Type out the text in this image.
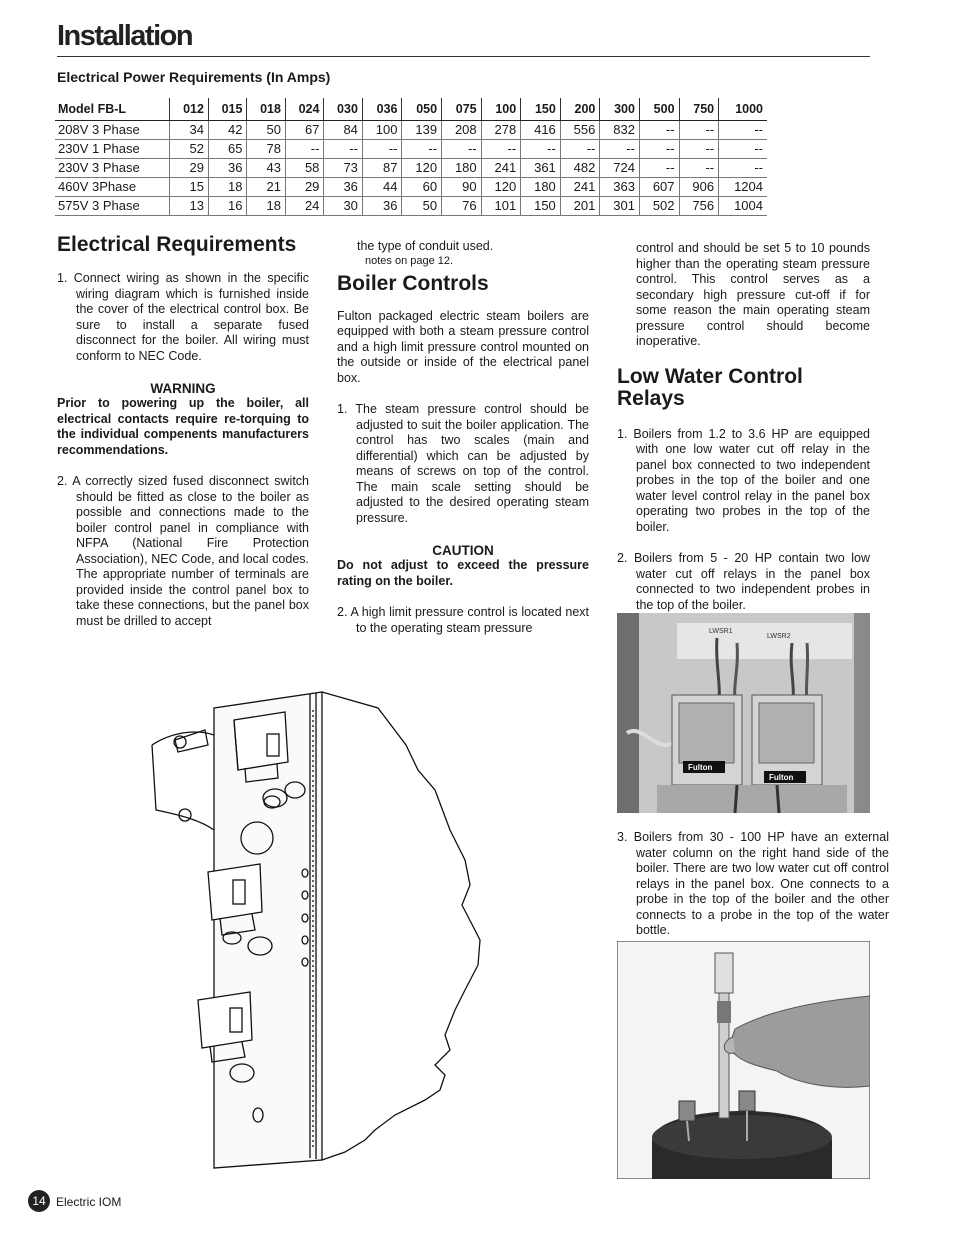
Installation
Electrical Power Requirements (In Amps)
Model FB-L	012	015	018	024	030	036	050	075	100	150	200	300	500	750	1000
208V 3 Phase	34	42	50	67	84	100	139	208	278	416	556	832	--	--	--
230V 1 Phase	52	65	78	--	--	--	--	--	--	--	--	--	--	--	--
230V 3 Phase	29	36	43	58	73	87	120	180	241	361	482	724	--	--	--
460V 3Phase	15	18	21	29	36	44	60	90	120	180	241	363	607	906	1204
575V 3 Phase	13	16	18	24	30	36	50	76	101	150	201	301	502	756	1004
Electrical Requirements
1. Connect wiring as shown in the specific wiring diagram which is furnished inside the cover of the electrical control box. Be sure to install a separate fused disconnect for the boiler. All wiring must conform to NEC Code.
WARNING
Prior to powering up the boiler, all electrical contacts require re-torquing to the individual compenents manufacturers recommendations.
2. A correctly sized fused disconnect switch should be fitted as close to the boiler as possible and connections made to the boiler control panel in compliance with NFPA (National Fire Protection Association), NEC Code, and local codes. The appropriate number of terminals are provided inside the control panel box to take these connections, but the panel box must be drilled to accept
the type of conduit used.
notes on page 12.
Boiler Controls
Fulton packaged electric steam boilers are equipped with both a steam pressure control and a high limit pressure control mounted on the outside or inside of the electrical panel box.
1. The steam pressure control should be adjusted to suit the boiler application. The control has two scales (main and differential) which can be adjusted by means of screws on top of the control. The main scale setting should be adjusted to the desired operating steam pressure.
CAUTION
Do not adjust to exceed the pressure rating on the boiler.
2. A high limit pressure control is located next to the operating steam pressure
control and should be set 5 to 10 pounds higher than the operating steam pressure control. This control serves as a secondary high pressure cut-off if for some reason the main operating steam pressure control should become inoperative.
Low Water Control Relays
1. Boilers from 1.2 to 3.6 HP are equipped with one low water cut off relay in the panel box connected to two independent probes in the top of the boiler and one water level control relay in the panel box operating two probes in the top of the boiler.
2. Boilers from 5 - 20 HP contain two low water cut off relays in the panel box connected to two independent probes in the top of the boiler.
LWSR1
LWSR2
Fulton
Fulton
3. Boilers from 30 - 100 HP have an external water column on the right hand side of the boiler. There are two low water cut off control relays in the panel box. One connects to a probe in the top of the boiler and the other connects to a probe in the top of the water bottle.
14 Electric IOM
